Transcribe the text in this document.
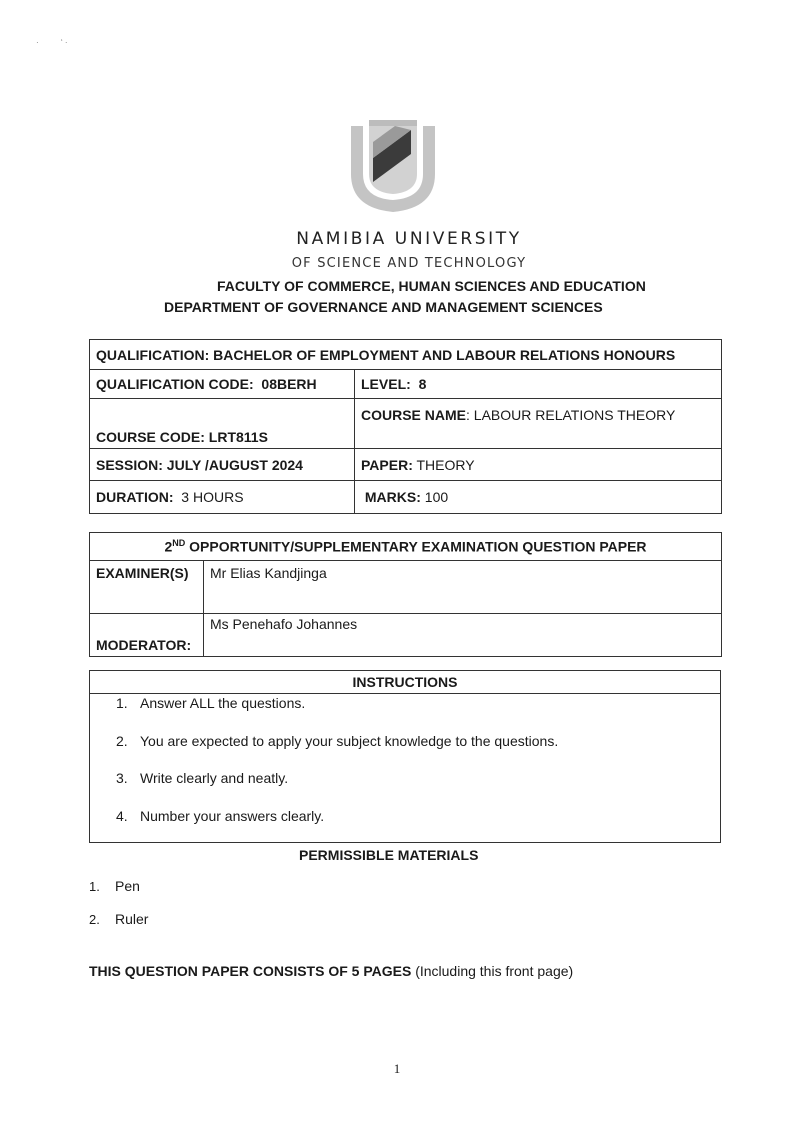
·          ‘ ·
NAMIBIA UNIVERSITY
OF SCIENCE AND TECHNOLOGY
FACULTY OF COMMERCE, HUMAN SCIENCES AND EDUCATION
DEPARTMENT OF GOVERNANCE AND MANAGEMENT SCIENCES
QUALIFICATION: BACHELOR OF EMPLOYMENT AND LABOUR RELATIONS HONOURS	
QUALIFICATION CODE: 08BERH	LEVEL: 8
COURSE CODE: LRT811S	COURSE NAME: LABOUR RELATIONS THEORY
SESSION: JULY /AUGUST 2024	PAPER: THEORY
DURATION: 3 HOURS	MARKS: 100
2ND OPPORTUNITY/SUPPLEMENTARY EXAMINATION QUESTION PAPER	
EXAMINER(S)	Mr Elias Kandjinga
MODERATOR:	Ms Penehafo Johannes
INSTRUCTIONS
1. Answer ALL the questions.
2. You are expected to apply your subject knowledge to the questions.
3. Write clearly and neatly.
4. Number your answers clearly.
PERMISSIBLE MATERIALS
1. Pen
2. Ruler
THIS QUESTION PAPER CONSISTS OF 5 PAGES (Including this front page)
1
